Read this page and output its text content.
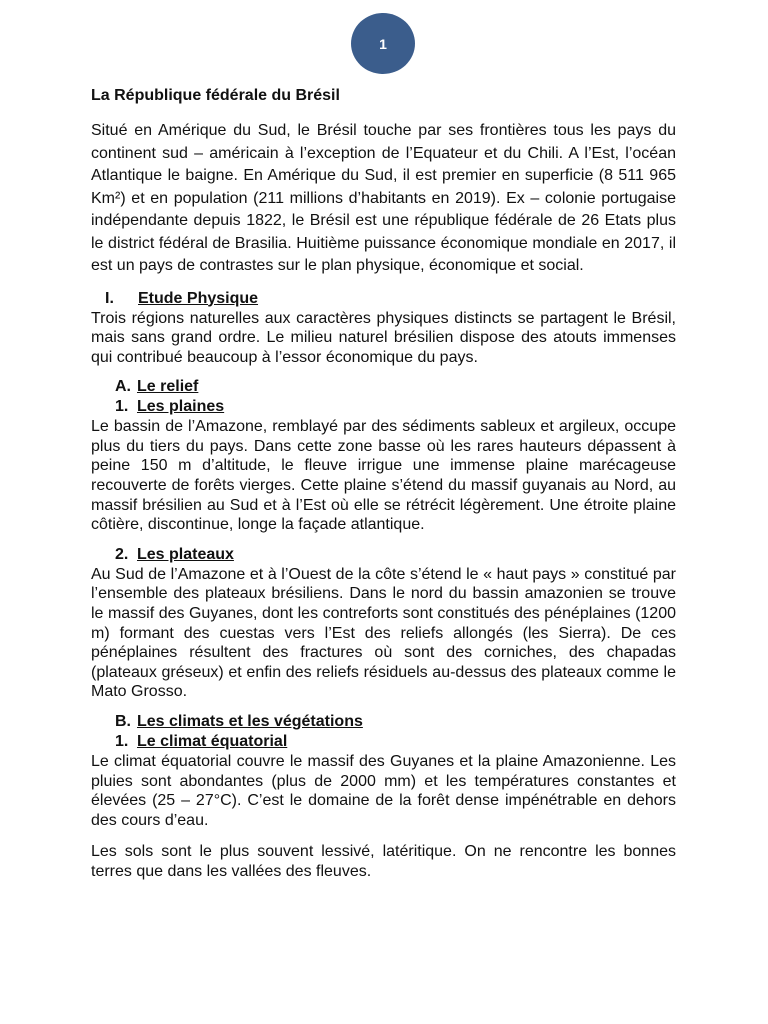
1
La République fédérale du Brésil

Situé en Amérique du Sud, le Brésil touche par ses frontières tous les pays du continent sud – américain à l’exception de l’Equateur et du Chili. A l’Est, l’océan Atlantique le baigne. En Amérique du Sud, il est premier en superficie (8 511 965 Km²) et en population (211 millions d’habitants en 2019). Ex – colonie portugaise indépendante depuis 1822, le Brésil est une république fédérale de 26 Etats plus le district fédéral de Brasilia. Huitième puissance économique mondiale en 2017, il est un pays de contrastes sur le plan physique, économique et social.

I. Etude Physique

Trois régions naturelles aux caractères physiques distincts se partagent le Brésil, mais sans grand ordre. Le milieu naturel brésilien dispose des atouts immenses qui contribué beaucoup à l’essor économique du pays.

A. Le relief
1. Les plaines

Le bassin de l’Amazone, remblayé par des sédiments sableux et argileux, occupe plus du tiers du pays. Dans cette zone basse où les rares hauteurs dépassent à peine 150 m d’altitude, le fleuve irrigue une immense plaine marécageuse recouverte de forêts vierges. Cette plaine s’étend du massif guyanais au Nord, au massif brésilien au Sud et à l’Est où elle se rétrécit légèrement. Une étroite plaine côtière, discontinue, longe la façade atlantique.

2. Les plateaux

Au Sud de l’Amazone et à l’Ouest de la côte s’étend le « haut pays » constitué par l’ensemble des plateaux brésiliens. Dans le nord du bassin amazonien se trouve le massif des Guyanes, dont les contreforts sont constitués des pénéplaines (1200 m) formant des cuestas vers l’Est des reliefs allongés (les Sierra). De ces pénéplaines résultent des fractures où sont des corniches, des chapadas (plateaux gréseux) et enfin des reliefs résiduels au-dessus des plateaux comme le Mato Grosso.

B. Les climats et les végétations
1. Le climat équatorial

Le climat équatorial couvre le massif des Guyanes et la plaine Amazonienne. Les pluies sont abondantes (plus de 2000 mm) et les températures constantes et élevées (25 – 27°C). C’est le domaine de la forêt dense impénétrable en dehors des cours d’eau.

Les sols sont le plus souvent lessivé, latéritique. On ne rencontre les bonnes terres que dans les vallées des fleuves.
